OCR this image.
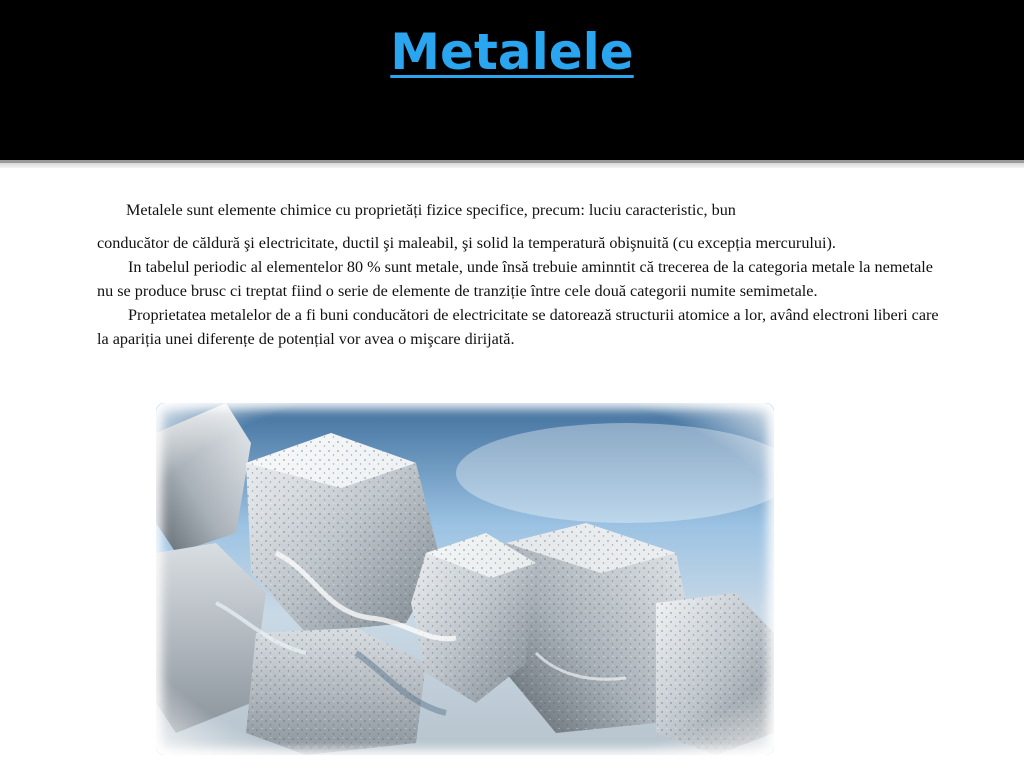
Metalele

Metalele sunt elemente chimice cu proprietăți fizice specifice, precum: luciu caracteristic, bun

conducător de căldură şi electricitate, ductil şi maleabil, şi solid la temperatură obişnuită (cu excepția mercurului).

In tabelul periodic al elementelor 80 % sunt metale, unde însă trebuie aminntit că trecerea de la categoria metale la nemetale nu se produce brusc ci treptat fiind o serie de elemente de tranziție între cele două categorii numite semimetale.

Proprietatea metalelor de a fi buni conducători de electricitate se datorează structurii atomice a lor, având electroni liberi care la apariția unei diferențe de potențial vor avea o mişcare dirijată.
